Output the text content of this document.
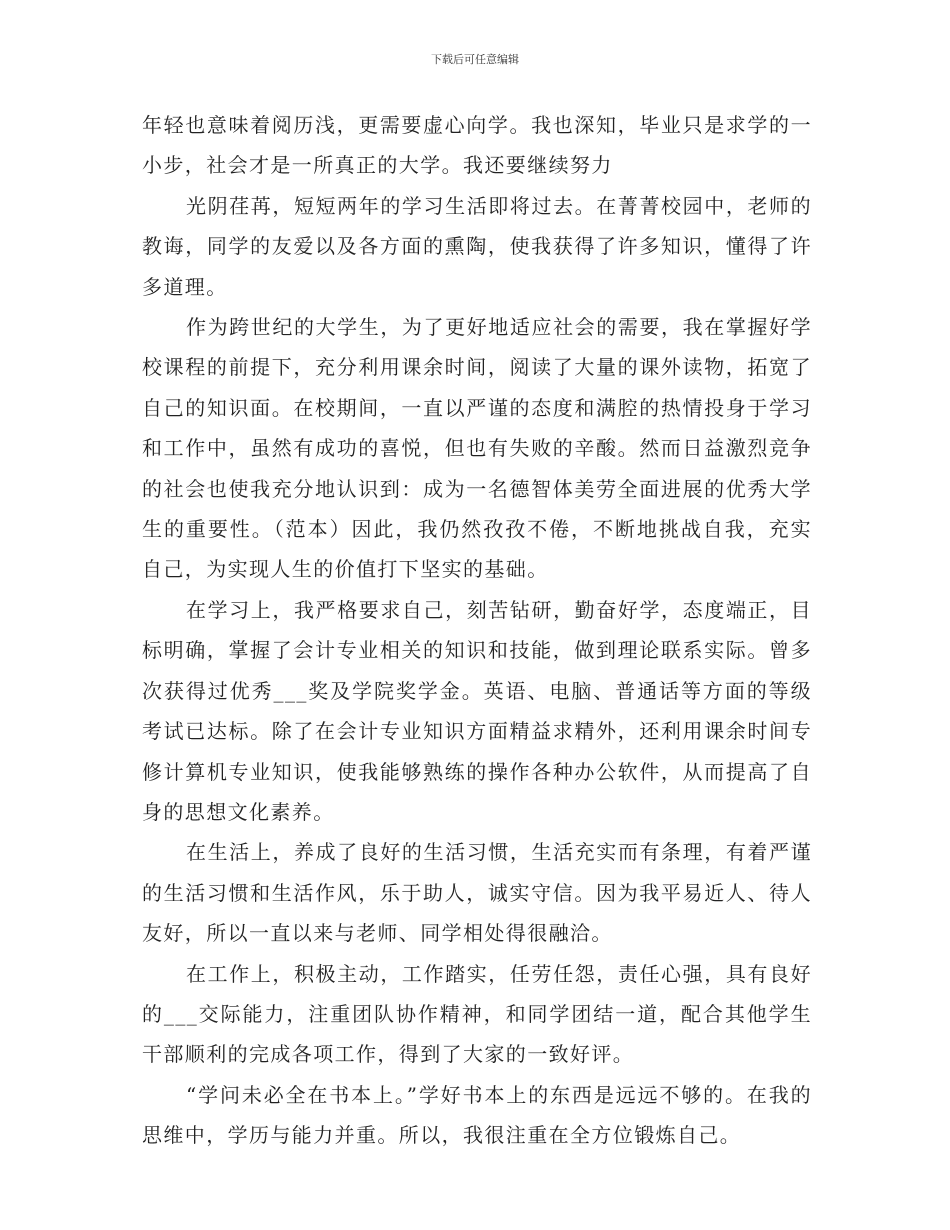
下载后可任意编辑

年轻也意味着阅历浅，更需要虚心向学。我也深知，毕业只是求学的一小步，社会才是一所真正的大学。我还要继续努力

光阴荏苒，短短两年的学习生活即将过去。在菁菁校园中，老师的教诲，同学的友爱以及各方面的熏陶，使我获得了许多知识，懂得了许多道理。

作为跨世纪的大学生，为了更好地适应社会的需要，我在掌握好学校课程的前提下，充分利用课余时间，阅读了大量的课外读物，拓宽了自己的知识面。在校期间，一直以严谨的态度和满腔的热情投身于学习和工作中，虽然有成功的喜悦，但也有失败的辛酸。然而日益激烈竞争的社会也使我充分地认识到：成为一名德智体美劳全面进展的优秀大学生的重要性。（范本）因此，我仍然孜孜不倦，不断地挑战自我，充实自己，为实现人生的价值打下坚实的基础。

在学习上，我严格要求自己，刻苦钻研，勤奋好学，态度端正，目标明确，掌握了会计专业相关的知识和技能，做到理论联系实际。曾多次获得过优秀___奖及学院奖学金。英语、电脑、普通话等方面的等级考试已达标。除了在会计专业知识方面精益求精外，还利用课余时间专修计算机专业知识，使我能够熟练的操作各种办公软件，从而提高了自身的思想文化素养。

在生活上，养成了良好的生活习惯，生活充实而有条理，有着严谨的生活习惯和生活作风，乐于助人，诚实守信。因为我平易近人、待人友好，所以一直以来与老师、同学相处得很融洽。

在工作上，积极主动，工作踏实，任劳任怨，责任心强，具有良好的___交际能力，注重团队协作精神，和同学团结一道，配合其他学生干部顺利的完成各项工作，得到了大家的一致好评。

“学问未必全在书本上。”学好书本上的东西是远远不够的。在我的思维中，学历与能力并重。所以，我很注重在全方位锻炼自己。
